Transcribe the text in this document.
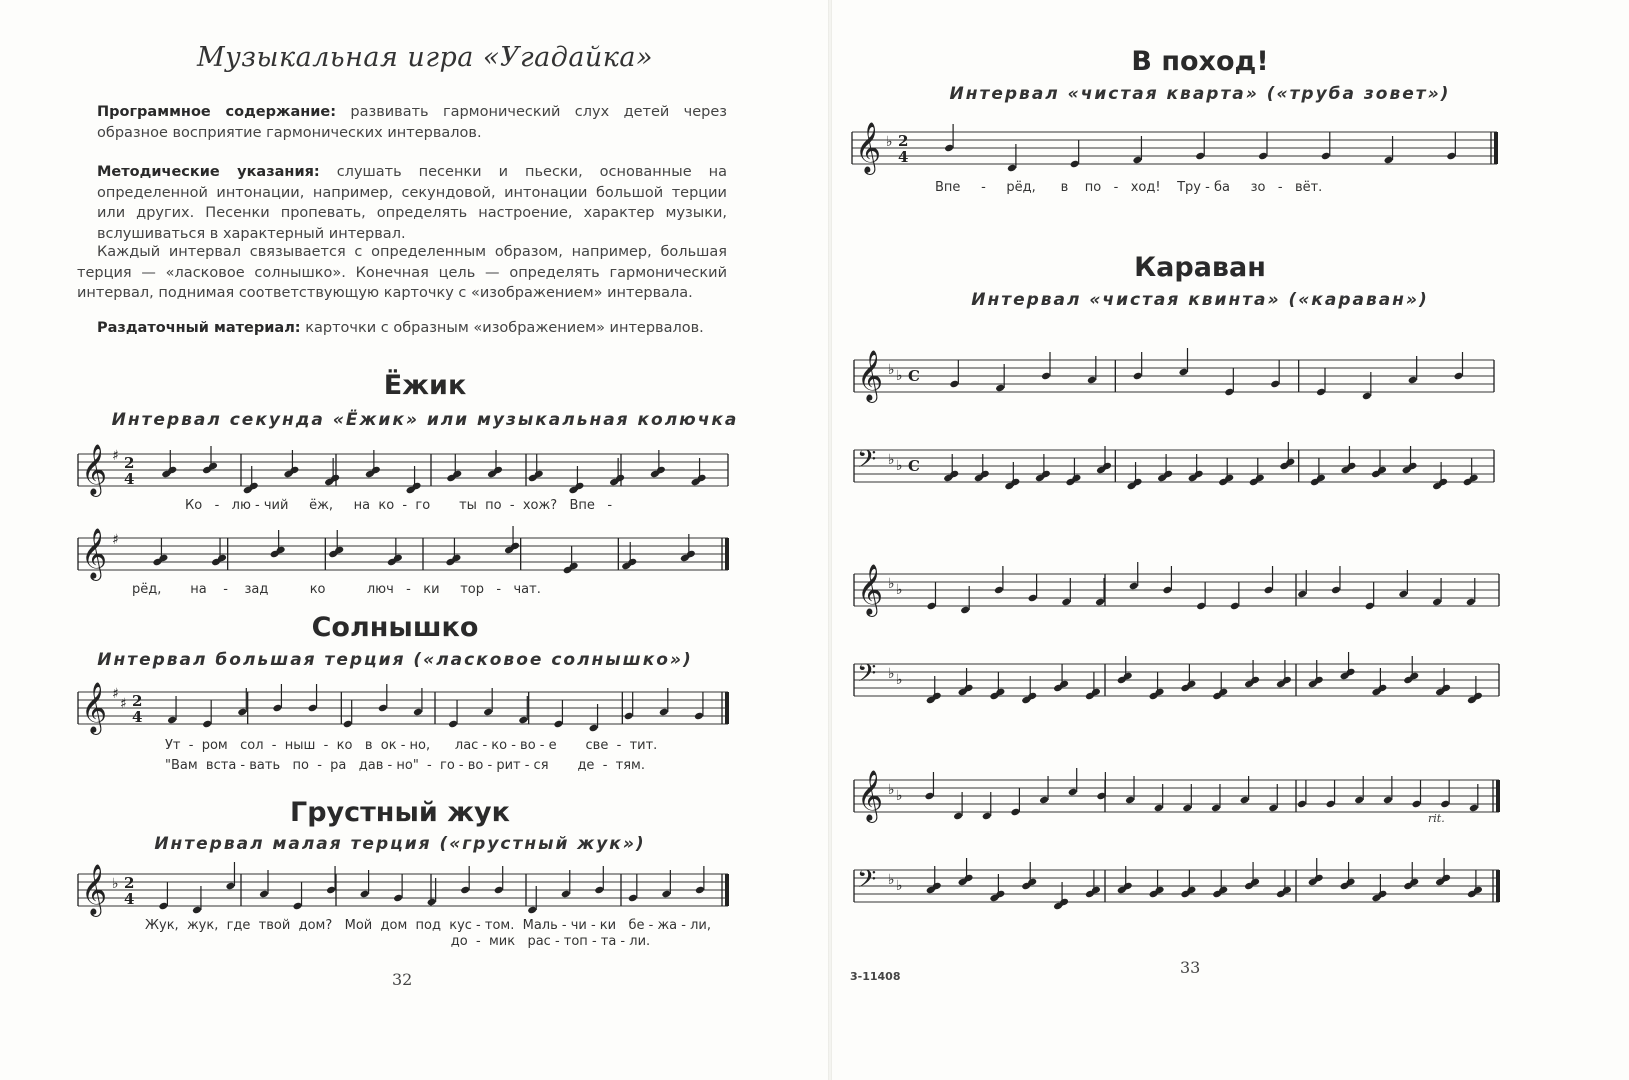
Музыкальная игра «Угадайка»

Программное содержание: развивать гармонический слух детей через образное восприятие гармонических интервалов.

Методические указания: слушать песенки и пьески, основанные на определенной интонации, например, секундовой, интонации большой терции или других. Песенки пропевать, определять настроение, характер музыки, вслушиваться в характерный интервал.

Каждый интервал связывается с определенным образом, например, большая терция — «ласковое солнышко». Конечная цель — определять гармонический интервал, поднимая соответствующую карточку с «изображением» интервала.

Раздаточный материал: карточки с образным «изображением» интервалов.

Ёжик
Интервал секунда «Ёжик» или музыкальная колючка
𝄞 ♯ 2
4
Ко   -   лю - чий     ёж,     на  ко  -  го       ты  по  -  хож?   Впе   -
𝄞 ♯
рёд,       на    -    зад          ко          люч   -   ки     тор   -   чат.
Солнышко
Интервал большая терция («ласковое солнышко»)
𝄞 ♯
♯ 2
4
Ут  -  ром   сол  -  ныш  -  ко   в  ок - но,      лас - ко - во - е       све  -  тит.
"Вам  вста - вать   по  -  ра   дав - но"  -  го - во - рит - ся       де  -  тям.
Грустный жук
Интервал малая терция («грустный жук»)
𝄞 ♭ 2
4
Жук,  жук,  где  твой  дом?   Мой  дом  под  кус - том.  Маль - чи - ки   бе - жа - ли,
до  -  мик   рас - топ - та - ли.
32
В поход!
Интервал «чистая кварта» («труба зовет»)
𝄞 ♭ 2
4
Впе     -     рёд,      в    по   -   ход!    Тру - ба     зо   -   вёт.
Караван
Интервал «чистая квинта» («караван»)
𝄞 ♭ ♭ C
𝄢 ♭ ♭ C
𝄞 ♭ ♭
𝄢 ♭ ♭
𝄞 ♭ ♭
rit.
𝄢 ♭ ♭
3-11408	33
